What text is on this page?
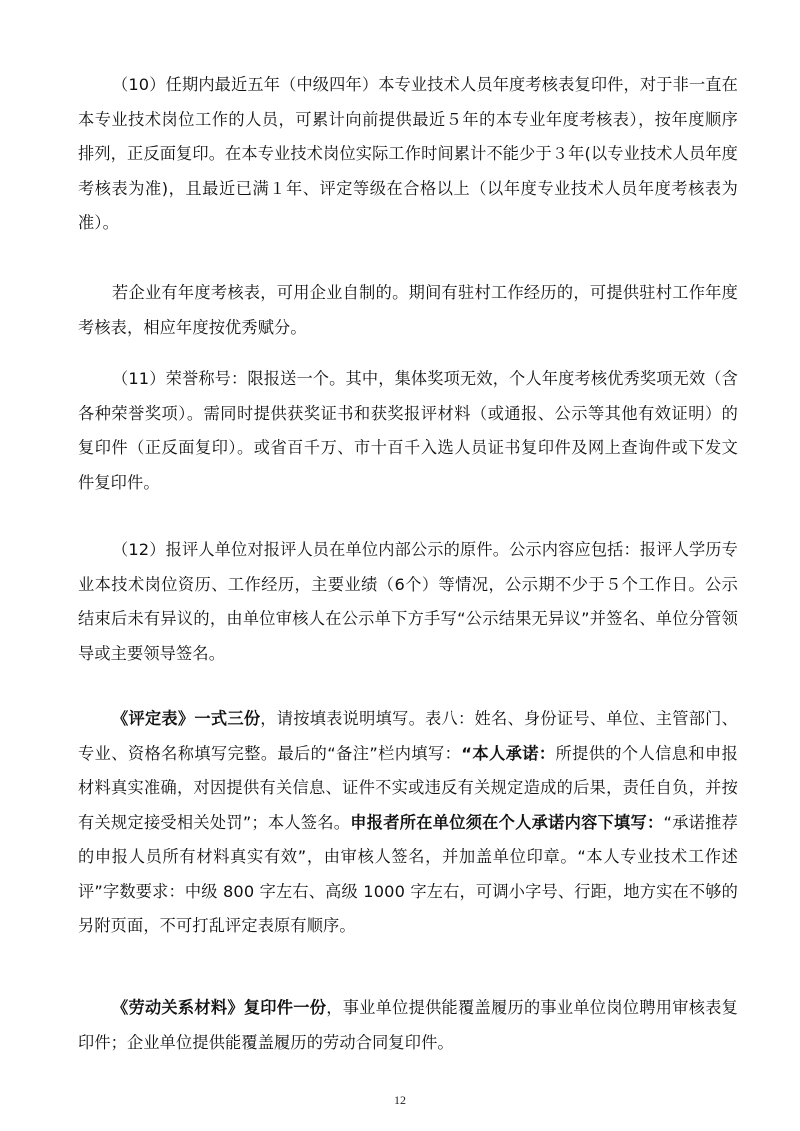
（10）任期内最近五年（中级四年）本专业技术人员年度考核表复印件，对于非一直在本专业技术岗位工作的人员，可累计向前提供最近５年的本专业年度考核表），按年度顺序排列，正反面复印。在本专业技术岗位实际工作时间累计不能少于３年(以专业技术人员年度考核表为准)，且最近已满１年、评定等级在合格以上（以年度专业技术人员年度考核表为准）。

若企业有年度考核表，可用企业自制的。期间有驻村工作经历的，可提供驻村工作年度考核表，相应年度按优秀赋分。

（11）荣誉称号：限报送一个。其中，集体奖项无效，个人年度考核优秀奖项无效（含各种荣誉奖项）。需同时提供获奖证书和获奖报评材料（或通报、公示等其他有效证明）的复印件（正反面复印）。或省百千万、市十百千入选人员证书复印件及网上查询件或下发文件复印件。

（12）报评人单位对报评人员在单位内部公示的原件。公示内容应包括：报评人学历专业本技术岗位资历、工作经历，主要业绩（6个）等情况，公示期不少于５个工作日。公示结束后未有异议的，由单位审核人在公示单下方手写“公示结果无异议”并签名、单位分管领导或主要领导签名。

《评定表》一式三份，请按填表说明填写。表八：姓名、身份证号、单位、主管部门、专业、资格名称填写完整。最后的“备注”栏内填写：“本人承诺：所提供的个人信息和申报材料真实准确，对因提供有关信息、证件不实或违反有关规定造成的后果，责任自负，并按有关规定接受相关处罚”；本人签名。申报者所在单位须在个人承诺内容下填写：“承诺推荐的申报人员所有材料真实有效”，由审核人签名，并加盖单位印章。“本人专业技术工作述评”字数要求：中级 800 字左右、高级 1000 字左右，可调小字号、行距，地方实在不够的另附页面，不可打乱评定表原有顺序。

《劳动关系材料》复印件一份，事业单位提供能覆盖履历的事业单位岗位聘用审核表复印件；企业单位提供能覆盖履历的劳动合同复印件。

12
